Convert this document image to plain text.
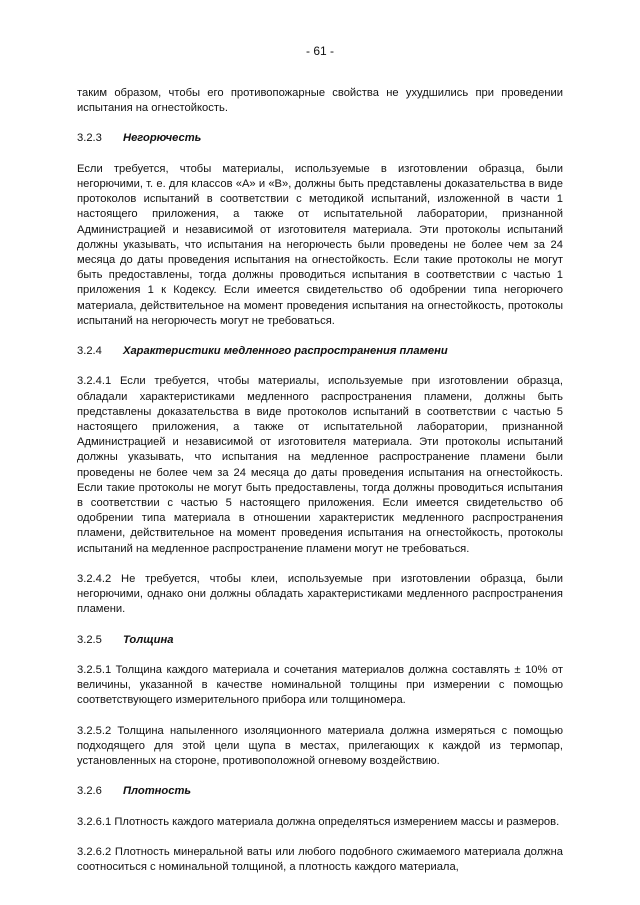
- 61 -

таким образом, чтобы его противопожарные свойства не ухудшились при проведении испытания на огнестойкость.

3.2.3	Негорючесть

Если требуется, чтобы материалы, используемые в изготовлении образца, были негорючими, т. е. для классов «А» и «В», должны быть представлены доказательства в виде протоколов испытаний в соответствии с методикой испытаний, изложенной в части 1 настоящего приложения, а также от испытательной лаборатории, признанной Администрацией и независимой от изготовителя материала. Эти протоколы испытаний должны указывать, что испытания на негорючесть были проведены не более чем за 24 месяца до даты проведения испытания на огнестойкость. Если такие протоколы не могут быть предоставлены, тогда должны проводиться испытания в соответствии с частью 1 приложения 1 к Кодексу. Если имеется свидетельство об одобрении типа негорючего материала, действительное на момент проведения испытания на огнестойкость, протоколы испытаний на негорючесть могут не требоваться.

3.2.4	Характеристики медленного распространения пламени

3.2.4.1 Если требуется, чтобы материалы, используемые при изготовлении образца, обладали характеристиками медленного распространения пламени, должны быть представлены доказательства в виде протоколов испытаний в соответствии с частью 5 настоящего приложения, а также от испытательной лаборатории, признанной Администрацией и независимой от изготовителя материала. Эти протоколы испытаний должны указывать, что испытания на медленное распространение пламени были проведены не более чем за 24 месяца до даты проведения испытания на огнестойкость. Если такие протоколы не могут быть предоставлены, тогда должны проводиться испытания в соответствии с частью 5 настоящего приложения. Если имеется свидетельство об одобрении типа материала в отношении характеристик медленного распространения пламени, действительное на момент проведения испытания на огнестойкость, протоколы испытаний на медленное распространение пламени могут не требоваться.

3.2.4.2 Не требуется, чтобы клеи, используемые при изготовлении образца, были негорючими, однако они должны обладать характеристиками медленного распространения пламени.

3.2.5	Толщина

3.2.5.1 Толщина каждого материала и сочетания материалов должна составлять ± 10% от величины, указанной в качестве номинальной толщины при измерении с помощью соответствующего измерительного прибора или толщиномера.

3.2.5.2 Толщина напыленного изоляционного материала должна измеряться с помощью подходящего для этой цели щупа в местах, прилегающих к каждой из термопар, установленных на стороне, противоположной огневому воздействию.

3.2.6	Плотность

3.2.6.1 Плотность каждого материала должна определяться измерением массы и размеров.

3.2.6.2 Плотность минеральной ваты или любого подобного сжимаемого материала должна соотноситься с номинальной толщиной, а плотность каждого материала,
